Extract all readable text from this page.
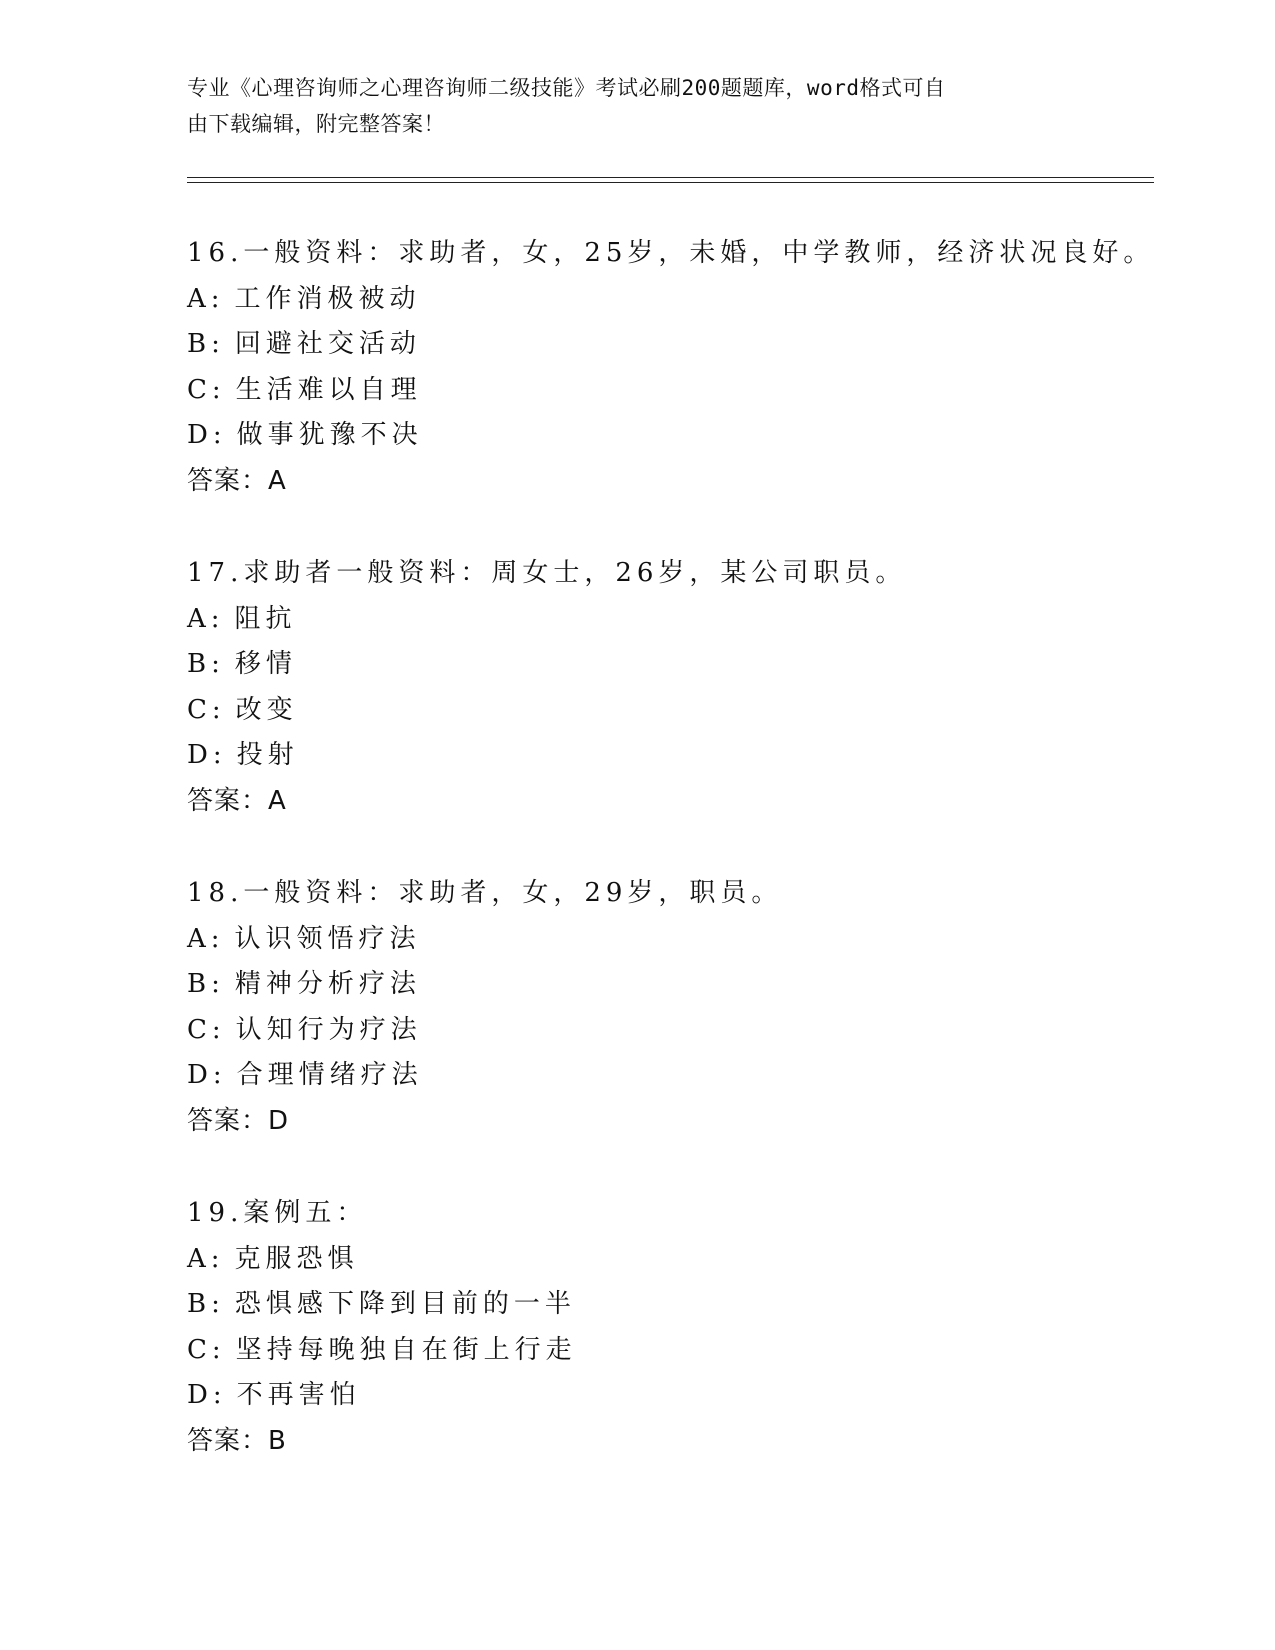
专业《心理咨询师之心理咨询师二级技能》考试必刷200题题库，word格式可自
由下载编辑，附完整答案！
16.一般资料：求助者，女，25岁，未婚，中学教师，经济状况良好。
A: 工作消极被动
B: 回避社交活动
C: 生活难以自理
D: 做事犹豫不决
答案：A
17.求助者一般资料：周女士，26岁，某公司职员。
A: 阻抗
B: 移情
C: 改变
D: 投射
答案：A
18.一般资料：求助者，女，29岁，职员。
A: 认识领悟疗法
B: 精神分析疗法
C: 认知行为疗法
D: 合理情绪疗法
答案：D
19.案例五：
A: 克服恐惧
B: 恐惧感下降到目前的一半
C: 坚持每晚独自在街上行走
D: 不再害怕
答案：B
